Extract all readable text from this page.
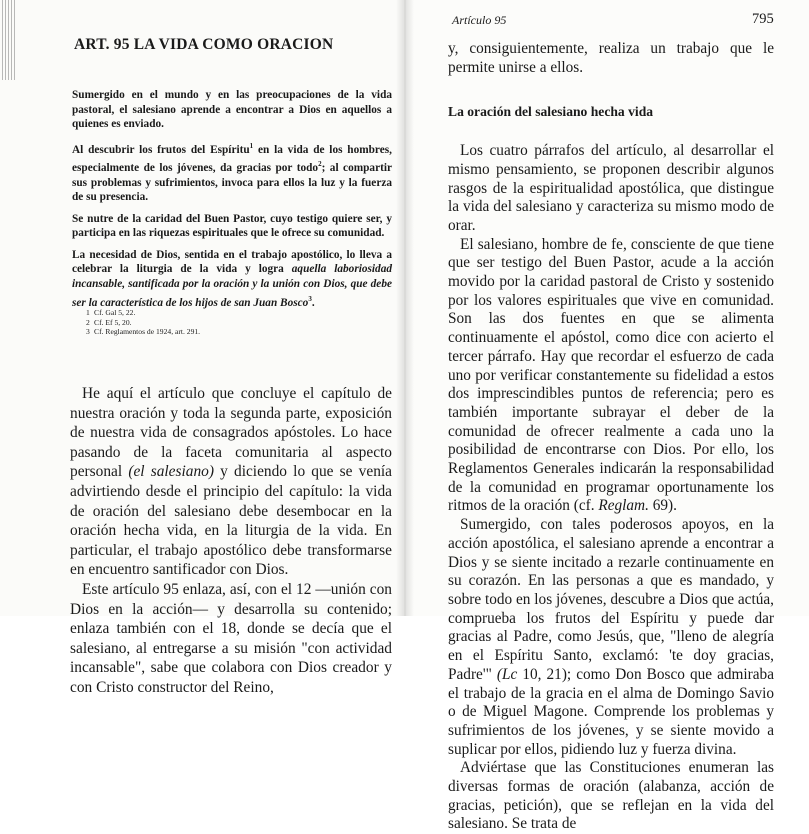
ART. 95 LA VIDA COMO ORACION

Sumergido en el mundo y en las preocupaciones de la vida pastoral, el salesiano aprende a encontrar a Dios en aquellos a quienes es enviado.

Al descubrir los frutos del Espíritu$^1$ en la vida de los hombres, especialmente de los jóvenes, da gracias por todo$^2$; al compartir sus problemas y sufrimientos, invoca para ellos la luz y la fuerza de su presencia.

Se nutre de la caridad del Buen Pastor, cuyo testigo quiere ser, y participa en las riquezas espirituales que le ofrece su comunidad.

La necesidad de Dios, sentida en el trabajo apostólico, lo lleva a celebrar la liturgia de la vida y logra aquella laboriosidad incansable, santificada por la oración y la unión con Dios, que debe ser la característica de los hijos de san Juan Bosco$^3$.

1 Cf. Gal 5, 22.
2 Cf. Ef 5, 20.
3 Cf. Reglamentos de 1924, art. 291.

He aquí el artículo que concluye el capítulo de nuestra oración y toda la segunda parte, exposición de nuestra vida de consagrados apóstoles. Lo hace pasando de la faceta comunitaria al aspecto personal (el salesiano) y diciendo lo que se venía advirtiendo desde el principio del capítulo: la vida de oración del salesiano debe desembocar en la oración hecha vida, en la liturgia de la vida. En particular, el trabajo apostólico debe transformarse en encuentro santificador con Dios.

Este artículo 95 enlaza, así, con el 12 —unión con Dios en la acción— y desarrolla su contenido; enlaza también con el 18, donde se decía que el salesiano, al entregarse a su misión "con actividad incansable", sabe que colabora con Dios creador y con Cristo constructor del Reino,

Artículo 95	795

y, consiguientemente, realiza un trabajo que le permite unirse a ellos.

La oración del salesiano hecha vida

Los cuatro párrafos del artículo, al desarrollar el mismo pensamiento, se proponen describir algunos rasgos de la espiritualidad apostólica, que distingue la vida del salesiano y caracteriza su mismo modo de orar.

El salesiano, hombre de fe, consciente de que tiene que ser testigo del Buen Pastor, acude a la acción movido por la caridad pastoral de Cristo y sostenido por los valores espirituales que vive en comunidad. Son las dos fuentes en que se alimenta continuamente el apóstol, como dice con acierto el tercer párrafo. Hay que recordar el esfuerzo de cada uno por verificar constantemente su fidelidad a estos dos imprescindibles puntos de referencia; pero es también importante subrayar el deber de la comunidad de ofrecer realmente a cada uno la posibilidad de encontrarse con Dios. Por ello, los Reglamentos Generales indicarán la responsabilidad de la comunidad en programar oportunamente los ritmos de la oración (cf. Reglam. 69).

Sumergido, con tales poderosos apoyos, en la acción apostólica, el salesiano aprende a encontrar a Dios y se siente incitado a rezarle continuamente en su corazón. En las personas a que es mandado, y sobre todo en los jóvenes, descubre a Dios que actúa, comprueba los frutos del Espíritu y puede dar gracias al Padre, como Jesús, que, "lleno de alegría en el Espíritu Santo, exclamó: 'te doy gracias, Padre'" (Lc 10, 21); como Don Bosco que admiraba el trabajo de la gracia en el alma de Domingo Savio o de Miguel Magone. Comprende los problemas y sufrimientos de los jóvenes, y se siente movido a suplicar por ellos, pidiendo luz y fuerza divina.

Adviértase que las Constituciones enumeran las diversas formas de oración (alabanza, acción de gracias, petición), que se reflejan en la vida del salesiano. Se trata de
